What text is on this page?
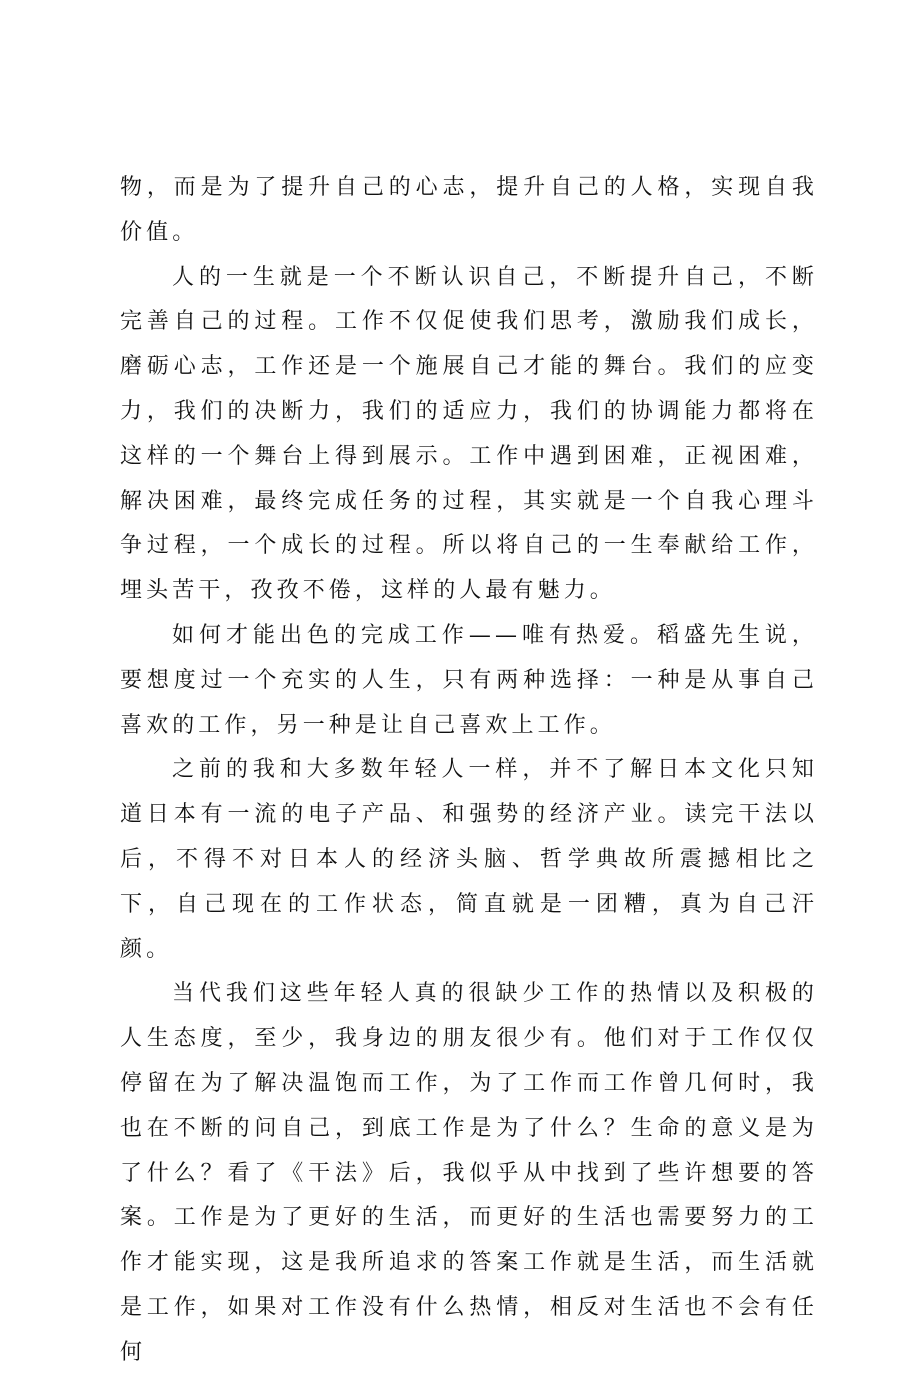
物，而是为了提升自己的心志，提升自己的人格，实现自我价值。

人的一生就是一个不断认识自己，不断提升自己，不断完善自己的过程。工作不仅促使我们思考，激励我们成长，磨砺心志，工作还是一个施展自己才能的舞台。我们的应变力，我们的决断力，我们的适应力，我们的协调能力都将在这样的一个舞台上得到展示。工作中遇到困难，正视困难，解决困难，最终完成任务的过程，其实就是一个自我心理斗争过程，一个成长的过程。所以将自己的一生奉献给工作，埋头苦干，孜孜不倦，这样的人最有魅力。

如何才能出色的完成工作——唯有热爱。稻盛先生说，要想度过一个充实的人生，只有两种选择：一种是从事自己喜欢的工作，另一种是让自己喜欢上工作。

之前的我和大多数年轻人一样，并不了解日本文化只知道日本有一流的电子产品、和强势的经济产业。读完干法以后，不得不对日本人的经济头脑、哲学典故所震撼相比之下，自己现在的工作状态，简直就是一团糟，真为自己汗颜。

当代我们这些年轻人真的很缺少工作的热情以及积极的人生态度，至少，我身边的朋友很少有。他们对于工作仅仅停留在为了解决温饱而工作，为了工作而工作曾几何时，我也在不断的问自己，到底工作是为了什么？生命的意义是为了什么？看了《干法》后，我似乎从中找到了些许想要的答案。工作是为了更好的生活，而更好的生活也需要努力的工作才能实现，这是我所追求的答案工作就是生活，而生活就是工作，如果对工作没有什么热情，相反对生活也不会有任何
